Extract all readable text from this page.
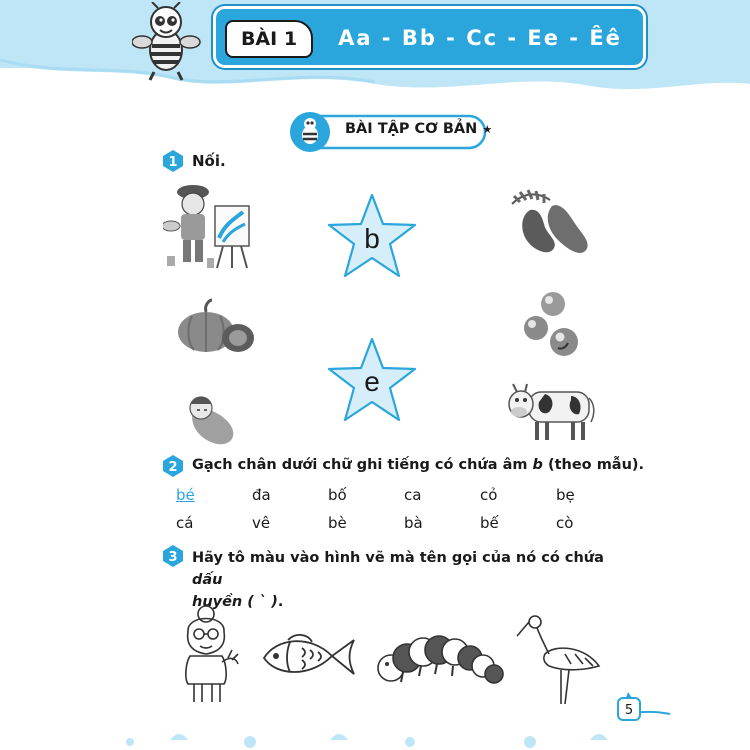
BÀI 1	Aa - Bb - Cc - Ee - Êê
BÀI TẬP CƠ BẢN ★
1 Nối.
b
e
2 Gạch chân dưới chữ ghi tiếng có chứa âm b (theo mẫu).
bé	đa	bố	ca	cỏ	bẹ
cá	vê	bè	bà	bế	cò
3 Hãy tô màu vào hình vẽ mà tên gọi của nó có chứa dấu
huyền ( ` ).
5
